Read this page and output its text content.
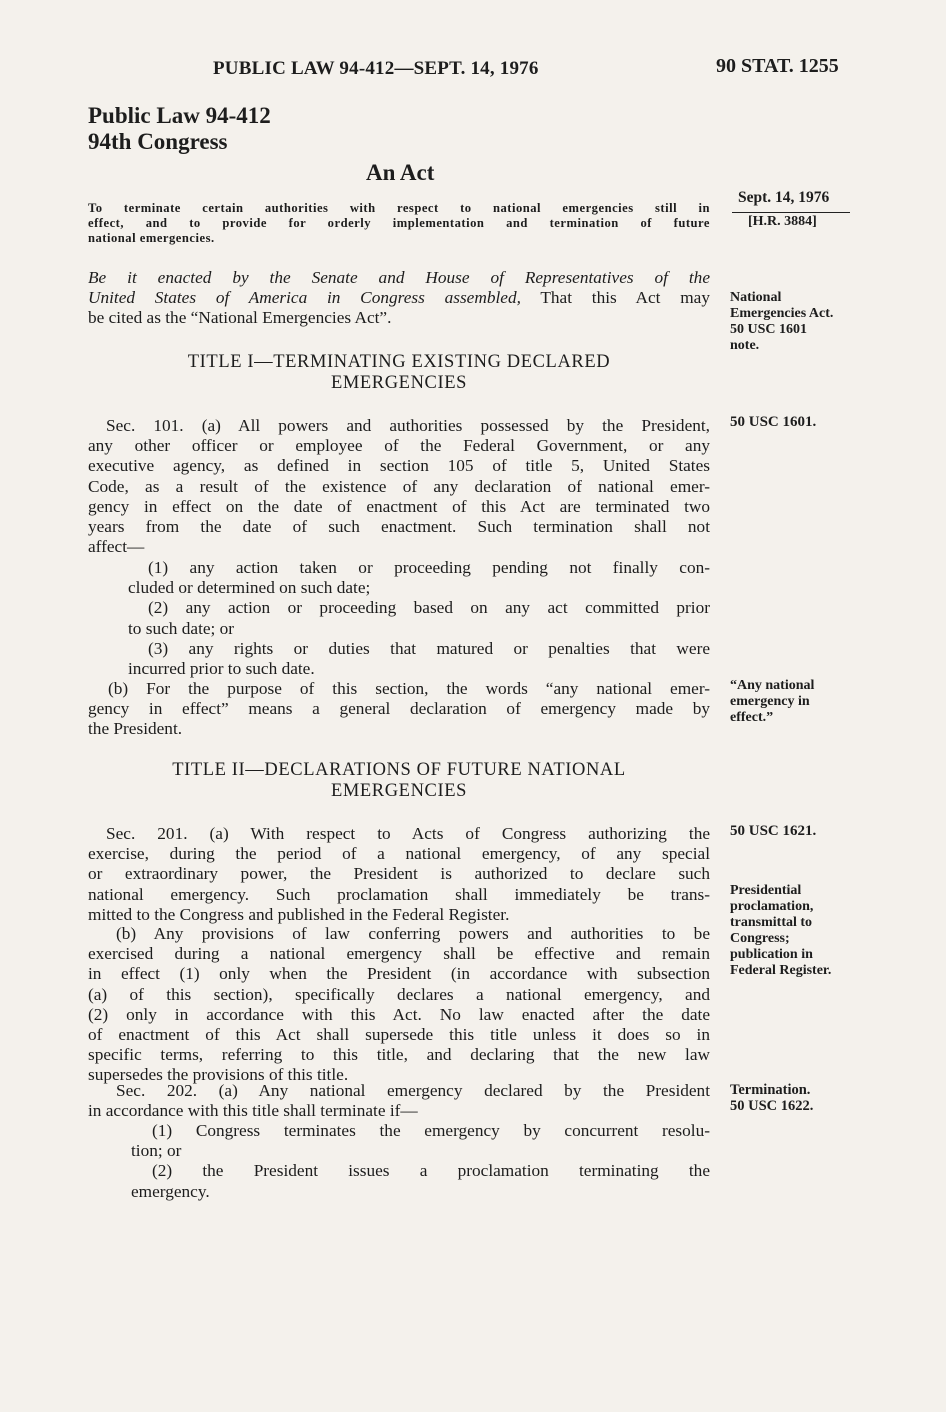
PUBLIC LAW 94-412—SEPT. 14, 1976	90 STAT. 1255
Public Law 94-412
94th Congress
An Act
To terminate certain authorities with respect to national emergencies still in
effect, and to provide for orderly implementation and termination of future
national emergencies.
Sept. 14, 1976
[H.R. 3884]
Be it enacted by the Senate and House of Representatives of the
United States of America in Congress assembled, That this Act may
be cited as the “National Emergencies Act”.
TITLE I—TERMINATING EXISTING DECLARED
EMERGENCIES
Sec. 101. (a) All powers and authorities possessed by the President,
any other officer or employee of the Federal Government, or any
executive agency, as defined in section 105 of title 5, United States
Code, as a result of the existence of any declaration of national emer-
gency in effect on the date of enactment of this Act are terminated two
years from the date of such enactment. Such termination shall not
affect—
(1) any action taken or proceeding pending not finally con-
cluded or determined on such date;
(2) any action or proceeding based on any act committed prior
to such date; or
(3) any rights or duties that matured or penalties that were
incurred prior to such date.
(b) For the purpose of this section, the words “any national emer-
gency in effect” means a general declaration of emergency made by
the President.
TITLE II—DECLARATIONS OF FUTURE NATIONAL
EMERGENCIES
Sec. 201. (a) With respect to Acts of Congress authorizing the
exercise, during the period of a national emergency, of any special
or extraordinary power, the President is authorized to declare such
national emergency. Such proclamation shall immediately be trans-
mitted to the Congress and published in the Federal Register.
(b) Any provisions of law conferring powers and authorities to be
exercised during a national emergency shall be effective and remain
in effect (1) only when the President (in accordance with subsection
(a) of this section), specifically declares a national emergency, and
(2) only in accordance with this Act. No law enacted after the date
of enactment of this Act shall supersede this title unless it does so in
specific terms, referring to this title, and declaring that the new law
supersedes the provisions of this title.
Sec. 202. (a) Any national emergency declared by the President
in accordance with this title shall terminate if—
(1) Congress terminates the emergency by concurrent resolu-
tion; or
(2) the President issues a proclamation terminating the
emergency.
National
Emergencies Act.
50 USC 1601
note.
50 USC 1601.
“Any national
emergency in
effect.”
50 USC 1621.
Presidential
proclamation,
transmittal to
Congress;
publication in
Federal Register.
Termination.
50 USC 1622.
